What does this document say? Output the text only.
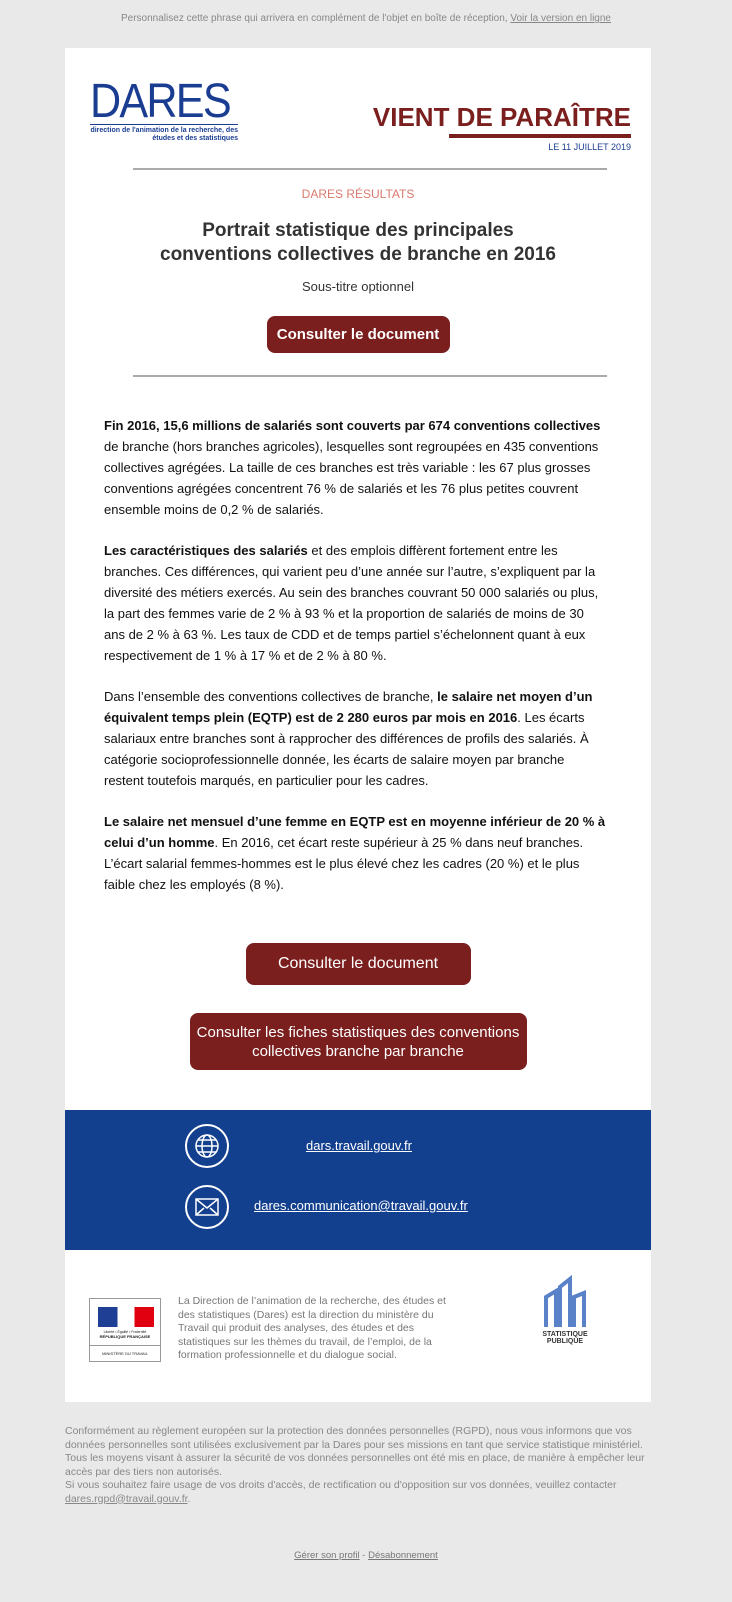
Personnalisez cette phrase qui arrivera en complément de l'objet en boîte de réception, Voir la version en ligne
DARES
direction de l'animation de la recherche, des études et des statistiques
VIENT DE PARAÎTRE
LE 11 JUILLET 2019
DARES RÉSULTATS
Portrait statistique des principales
conventions collectives de branche en 2016
Sous-titre optionnel
Consulter le document

Fin 2016, 15,6 millions de salariés sont couverts par 674 conventions collectives de branche (hors branches agricoles), lesquelles sont regroupées en 435 conventions collectives agrégées. La taille de ces branches est très variable : les 67 plus grosses conventions agrégées concentrent 76 % de salariés et les 76 plus petites couvrent ensemble moins de 0,2 % de salariés.

Les caractéristiques des salariés et des emplois diffèrent fortement entre les branches. Ces différences, qui varient peu d’une année sur l’autre, s’expliquent par la diversité des métiers exercés. Au sein des branches couvrant 50 000 salariés ou plus, la part des femmes varie de 2 % à 93 % et la proportion de salariés de moins de 30 ans de 2 % à 63 %. Les taux de CDD et de temps partiel s’échelonnent quant à eux respectivement de 1 % à 17 % et de 2 % à 80 %.

Dans l’ensemble des conventions collectives de branche, le salaire net moyen d’un équivalent temps plein (EQTP) est de 2 280 euros par mois en 2016. Les écarts salariaux entre branches sont à rapprocher des différences de profils des salariés. À catégorie socioprofessionnelle donnée, les écarts de salaire moyen par branche restent toutefois marqués, en particulier pour les cadres.

Le salaire net mensuel d’une femme en EQTP est en moyenne inférieur de 20 % à celui d’un homme. En 2016, cet écart reste supérieur à 25 % dans neuf branches. L’écart salarial femmes-hommes est le plus élevé chez les cadres (20 %) et le plus faible chez les employés (8 %).

Consulter le document
Consulter les fiches statistiques des conventions collectives branche par branche
dars.travail.gouv.fr
dares.communication@travail.gouv.fr
Liberté • Égalité • Fraternité
RÉPUBLIQUE FRANÇAISE
MINISTÈRE DU TRAVAIL
La Direction de l’animation de la recherche, des études et des statistiques (Dares) est la direction du ministère du Travail qui produit des analyses, des études et des statistiques sur les thèmes du travail, de l’emploi, de la formation professionnelle et du dialogue social.
STATISTIQUE PUBLIQUE
Conformément au règlement européen sur la protection des données personnelles (RGPD), nous vous informons que vos données personnelles sont utilisées exclusivement par la Dares pour ses missions en tant que service statistique ministériel. Tous les moyens visant à assurer la sécurité de vos données personnelles ont été mis en place, de manière à empêcher leur accès par des tiers non autorisés.
Si vous souhaitez faire usage de vos droits d'accès, de rectification ou d'opposition sur vos données, veuillez contacter dares.rgpd@travail.gouv.fr.
Gérer son profil - Désabonnement
